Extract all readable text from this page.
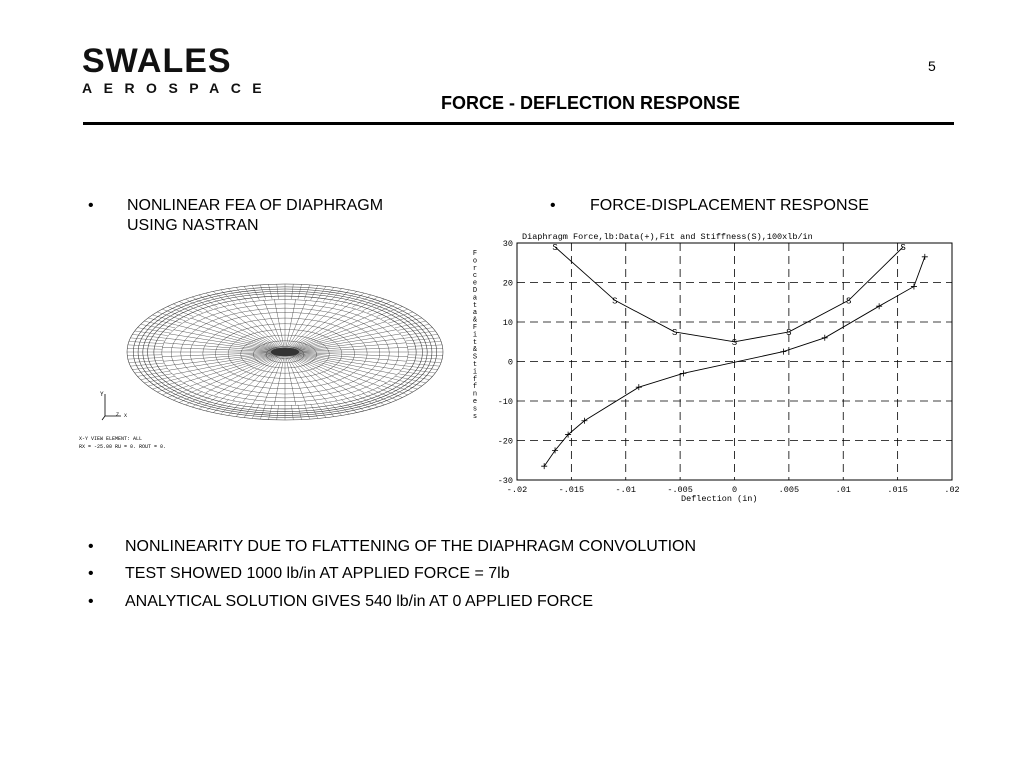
SWALES
AEROSPACE
5
FORCE - DEFLECTION RESPONSE
• NONLINEAR FEA OF DIAPHRAGM
USING NASTRAN
• FORCE-DISPLACEMENT RESPONSE
Y
Z X
X-Y VIEW ELEMENT: ALL
RX = -25.00 RU = 0. ROUT = 0.
-.02	-.015	-.01	-.005	0	.005	.01	.015	.02
30
20
10
0
-10
-20
-30
S
S
S
S
S
S
S
Diaphragm Force,lb:Data(+),Fit and Stiffness(S),100xlb/in
Deflection (in)
F o r c e D a t a & F i t & S t i f f n e s s
• NONLINEARITY DUE TO FLATTENING OF THE DIAPHRAGM CONVOLUTION
• TEST SHOWED 1000 lb/in AT APPLIED FORCE = 7lb
• ANALYTICAL SOLUTION GIVES 540 lb/in AT 0 APPLIED FORCE
